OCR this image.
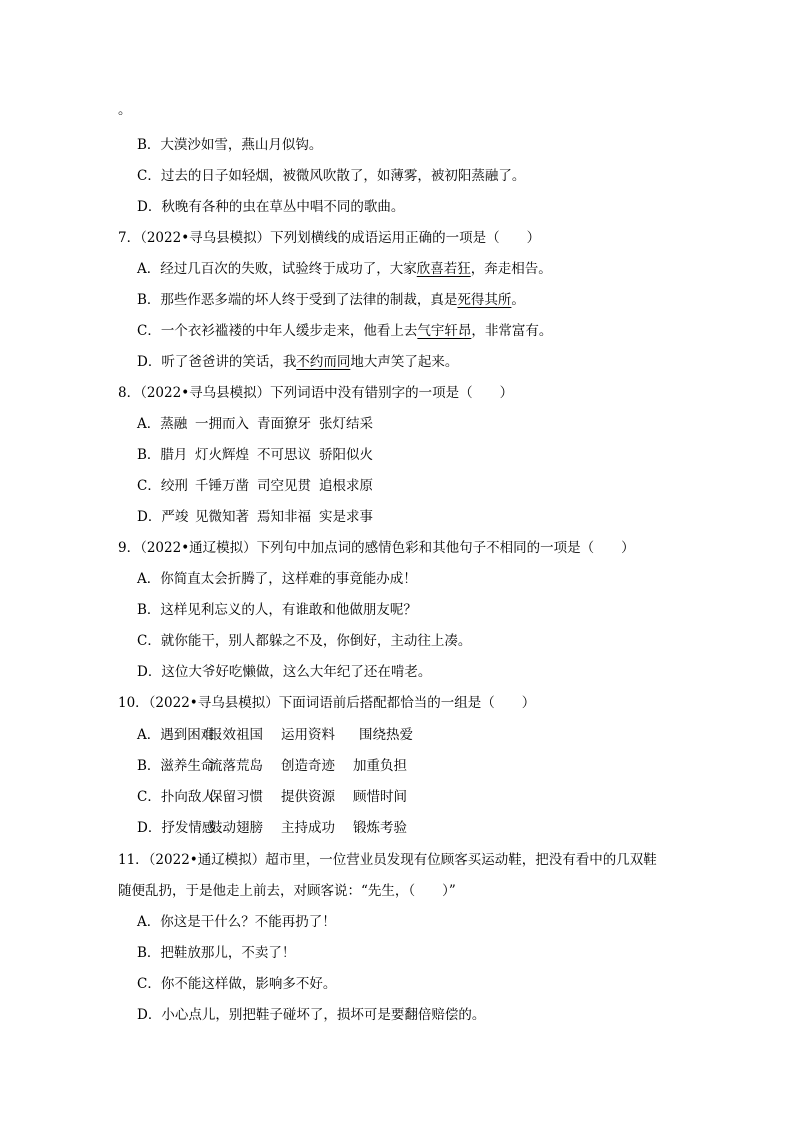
。
B．大漠沙如雪，燕山月似钩。
C．过去的日子如轻烟，被微风吹散了，如薄雾，被初阳蒸融了。
D．秋晚有各种的虫在草丛中唱不同的歌曲。
7．（2022•寻乌县模拟）下列划横线的成语运用正确的一项是（　　）
A．经过几百次的失败，试验终于成功了，大家欣喜若狂，奔走相告。
B．那些作恶多端的坏人终于受到了法律的制裁，真是死得其所。
C．一个衣衫褴褛的中年人缓步走来，他看上去气宇轩昂，非常富有。
D．听了爸爸讲的笑话，我不约而同地大声笑了起来。
8．（2022•寻乌县模拟）下列词语中没有错别字的一项是（　　）
A．蒸融 一拥而入 青面獠牙 张灯结采
B．腊月 灯火辉煌 不可思议 骄阳似火
C．绞刑 千锤万凿 司空见贯 追根求原
D．严竣 见微知著 焉知非福 实是求事
9．（2022•通辽模拟）下列句中加点词的感情色彩和其他句子不相同的一项是（　　）
A．你简直太会折腾了，这样难的事竟能办成！
B．这样见利忘义的人，有谁敢和他做朋友呢？
C．就你能干，别人都躲之不及，你倒好，主动往上凑。
D．这位大爷好吃懒做，这么大年纪了还在啃老。
10．（2022•寻乌县模拟）下面词语前后搭配都恰当的一组是（　　）
A．遇到困难报效祖国 运用资料 围绕热爱
B．滋养生命流落荒岛 创造奇迹 加重负担
C．扑向敌人保留习惯 提供资源 顾惜时间
D．抒发情感鼓动翅膀 主持成功 锻炼考验
11．（2022•通辽模拟）超市里，一位营业员发现有位顾客买运动鞋，把没有看中的几双鞋
随便乱扔，于是他走上前去，对顾客说：“先生，（　　）”
A．你这是干什么？不能再扔了！
B．把鞋放那儿，不卖了！
C．你不能这样做，影响多不好。
D．小心点儿，别把鞋子碰坏了，损坏可是要翻倍赔偿的。
